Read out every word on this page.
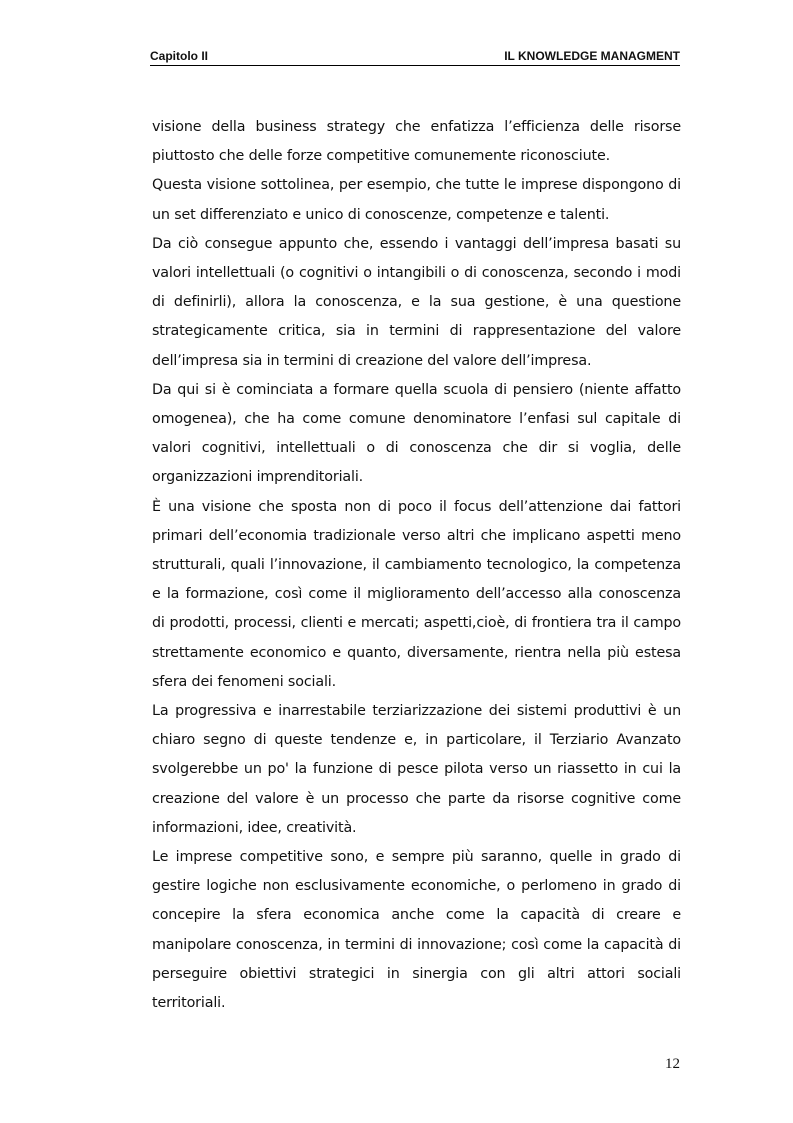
Capitolo II	IL KNOWLEDGE MANAGMENT

visione della business strategy che enfatizza l’efficienza delle risorse piuttosto che delle forze competitive comunemente riconosciute.

Questa visione sottolinea, per esempio, che tutte le imprese dispongono di un set differenziato e unico di conoscenze, competenze e talenti.

Da ciò consegue appunto che, essendo i vantaggi dell’impresa basati su valori intellettuali (o cognitivi o intangibili o di conoscenza, secondo i modi di definirli), allora la conoscenza, e la sua gestione, è una questione strategicamente critica, sia in termini di rappresentazione del valore dell’impresa sia in termini di creazione del valore dell’impresa.

Da qui si è cominciata a formare quella scuola di pensiero (niente affatto omogenea), che ha come comune denominatore l’enfasi sul capitale di valori cognitivi, intellettuali o di conoscenza che dir si voglia, delle organizzazioni imprenditoriali.

È una visione che sposta non di poco il focus dell’attenzione dai fattori primari dell’economia tradizionale verso altri che implicano aspetti meno strutturali, quali l’innovazione, il cambiamento tecnologico, la competenza e la formazione, così come il miglioramento dell’accesso alla conoscenza di prodotti, processi, clienti e mercati; aspetti,cioè, di frontiera tra il campo strettamente economico e quanto, diversamente, rientra nella più estesa sfera dei fenomeni sociali.

La progressiva e inarrestabile terziarizzazione dei sistemi produttivi è un chiaro segno di queste tendenze e, in particolare, il Terziario Avanzato svolgerebbe un po' la funzione di pesce pilota verso un riassetto in cui la creazione del valore è un processo che parte da risorse cognitive come informazioni, idee, creatività.

Le imprese competitive sono, e sempre più saranno, quelle in grado di gestire logiche non esclusivamente economiche, o perlomeno in grado di concepire la sfera economica anche come la capacità di creare e manipolare conoscenza, in termini di innovazione; così come la capacità di perseguire obiettivi strategici in sinergia con gli altri attori sociali territoriali.

12
